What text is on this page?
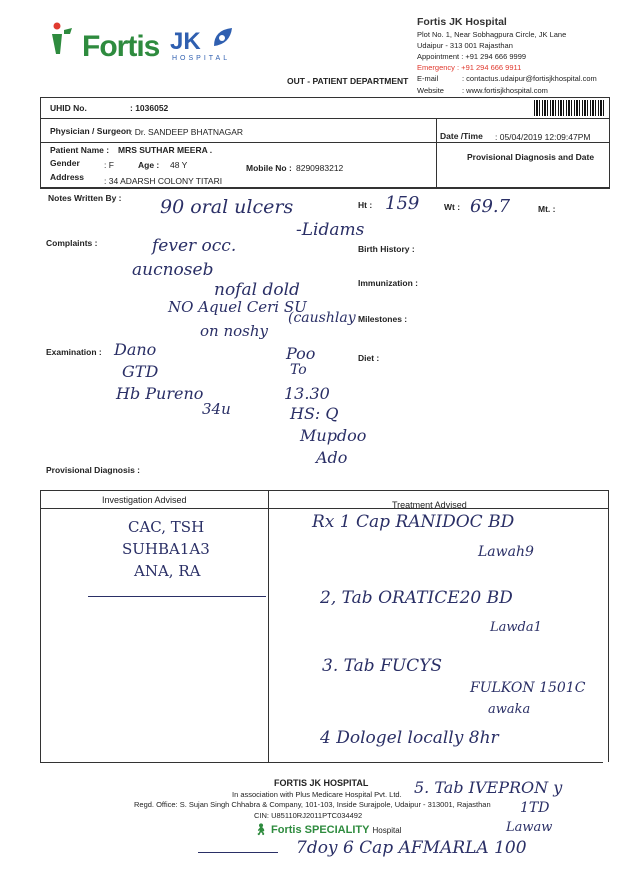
Fortis JK
HOSPITAL
Fortis JK Hospital
Plot No. 1, Near Sobhagpura Circle, JK Lane
Udaipur - 313 001 Rajasthan
Appointment : +91 294 666 9999
Emergency : +91 294 666 9911
E-mail	: contactus.udaipur@fortisjkhospital.com
Website : www.fortisjkhospital.com
OUT - PATIENT DEPARTMENT
UHID No.	: 1036052
Physician / Surgeon
: Dr. SANDEEP BHATNAGAR	Date /Time : 05/04/2019 12:09:47PM
Patient Name : MRS SUTHAR MEERA .
Provisional Diagnosis and Date
Gender	: F	Age : 48 Y	Mobile No : 8290983212
Address : 34 ADARSH COLONY TITARI
Notes Written By :
Ht : 159	Wt : 69.7	Mt. :
Complaints :
Birth History :
Immunization :
Milestones :
Examination :
Diet :
Provisional Diagnosis :
90 oral ulcers
-Lidams
fever occ.
aucnoseb
nofal dold
NO Aquel Ceri SU
(caushlay
on noshy
Dano
GTD
Hb Pureno
34u
Poo
To
13.30
HS: Q
Mupdoo
Ado
Investigation Advised	Treatment Advised
CAC, TSH
SUHBA1A3
ANA, RA
Rx 1 Cap RANIDOC BD
Lawah9
2, Tab ORATICE20 BD
Lawda1
3. Tab FUCYS
FULKON 1501C
awaka
4 Dologel locally 8hr
FORTIS JK HOSPITAL
In association with Plus Medicare Hospital Pvt. Ltd.
Regd. Office: S. Sujan Singh Chhabra & Company, 101-103, Inside Surajpole, Udaipur - 313001, Rajasthan
CIN: U85110RJ2011PTC034492
🚶︎ Fortis SPECIALITY Hospital
5. Tab IVEPRON y
1TD
Lawaw
7doy 6 Cap AFMARLA 100
